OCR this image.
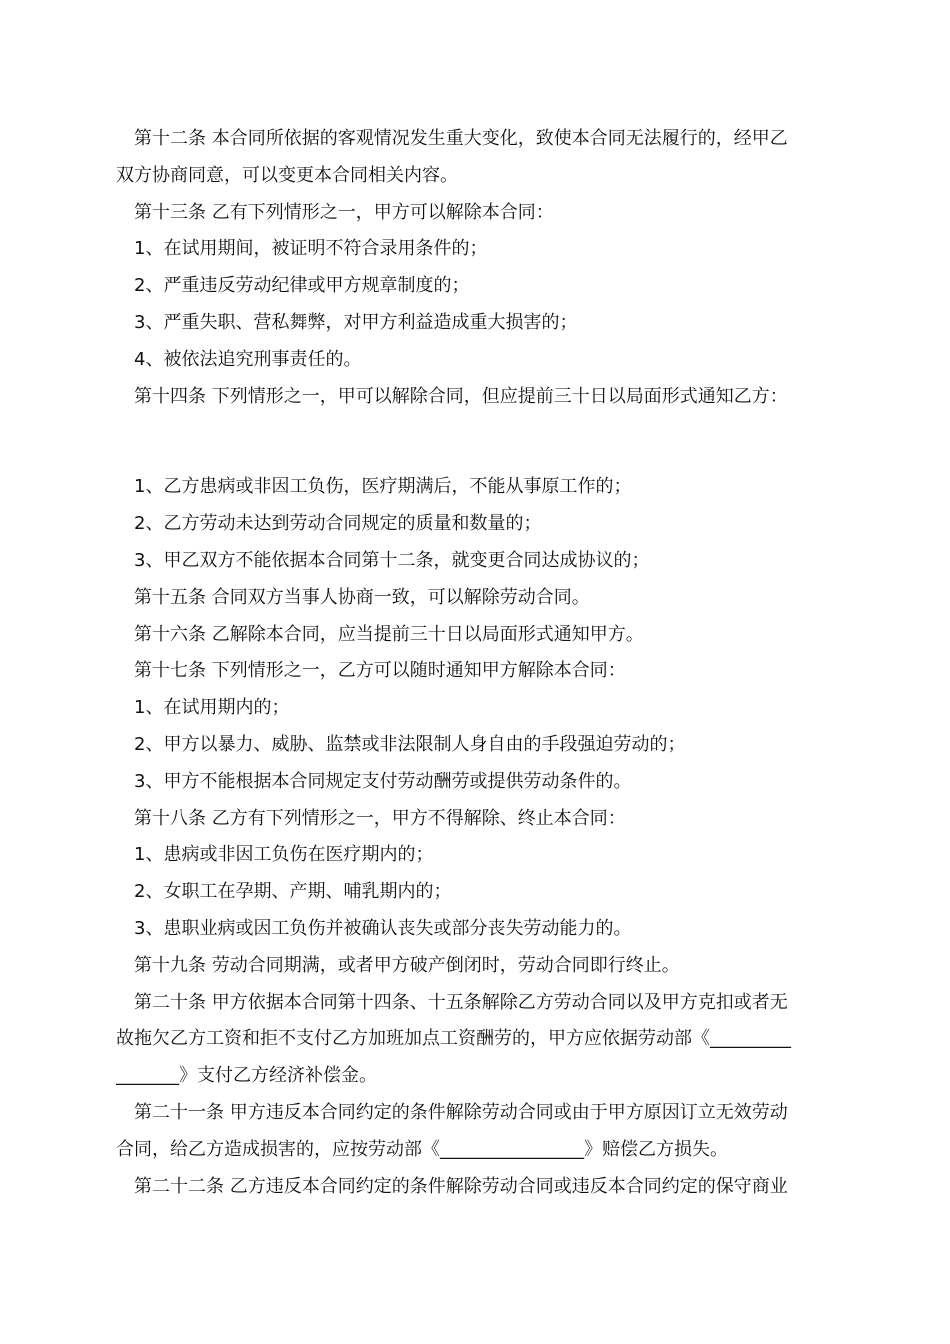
第十二条 本合同所依据的客观情况发生重大变化，致使本合同无法履行的，经甲乙
双方协商同意，可以变更本合同相关内容。
第十三条 乙有下列情形之一，甲方可以解除本合同：
1、在试用期间，被证明不符合录用条件的；
2、严重违反劳动纪律或甲方规章制度的；
3、严重失职、营私舞弊，对甲方利益造成重大损害的；
4、被依法追究刑事责任的。
第十四条 下列情形之一，甲可以解除合同，但应提前三十日以局面形式通知乙方：
1、乙方患病或非因工负伤，医疗期满后，不能从事原工作的；
2、乙方劳动未达到劳动合同规定的质量和数量的；
3、甲乙双方不能依据本合同第十二条，就变更合同达成协议的；
第十五条 合同双方当事人协商一致，可以解除劳动合同。
第十六条 乙解除本合同，应当提前三十日以局面形式通知甲方。
第十七条 下列情形之一，乙方可以随时通知甲方解除本合同：
1、在试用期内的；
2、甲方以暴力、威胁、监禁或非法限制人身自由的手段强迫劳动的；
3、甲方不能根据本合同规定支付劳动酬劳或提供劳动条件的。
第十八条 乙方有下列情形之一，甲方不得解除、终止本合同：
1、患病或非因工负伤在医疗期内的；
2、女职工在孕期、产期、哺乳期内的；
3、患职业病或因工负伤并被确认丧失或部分丧失劳动能力的。
第十九条 劳动合同期满，或者甲方破产倒闭时，劳动合同即行终止。
第二十条 甲方依据本合同第十四条、十五条解除乙方劳动合同以及甲方克扣或者无
故拖欠乙方工资和拒不支付乙方加班加点工资酬劳的，甲方应依据劳动部《_________
_______》支付乙方经济补偿金。
第二十一条 甲方违反本合同约定的条件解除劳动合同或由于甲方原因订立无效劳动
合同，给乙方造成损害的，应按劳动部《________________》赔偿乙方损失。
第二十二条 乙方违反本合同约定的条件解除劳动合同或违反本合同约定的保守商业
